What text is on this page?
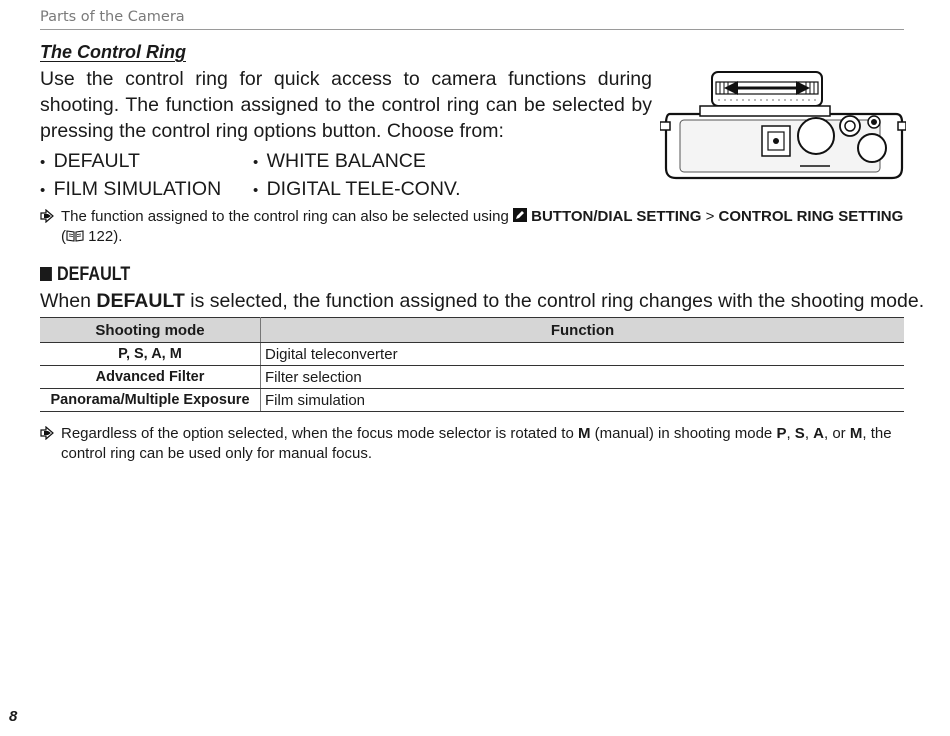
Parts of the Camera
The Control Ring
Use the control ring for quick access to camera functions during shooting. The function assigned to the control ring can be selected by pressing the control ring options button. Choose from:
•  DEFAULT
•  FILM SIMULATION
•  WHITE BALANCE
•  DIGITAL TELE-CONV.
The function assigned to the control ring can also be selected using BUTTON/DIAL SETTING > CONTROL RING SETTING
( 122).
DEFAULT
When DEFAULT is selected, the function assigned to the control ring changes with the shooting mode.
Shooting mode	Function
P, S, A, M	Digital teleconverter
Advanced Filter	Filter selection
Panorama/Multiple Exposure	Film simulation
Regardless of the option selected, when the focus mode selector is rotated to M (manual) in shooting mode P, S, A, or M, the control ring can be used only for manual focus.
8
